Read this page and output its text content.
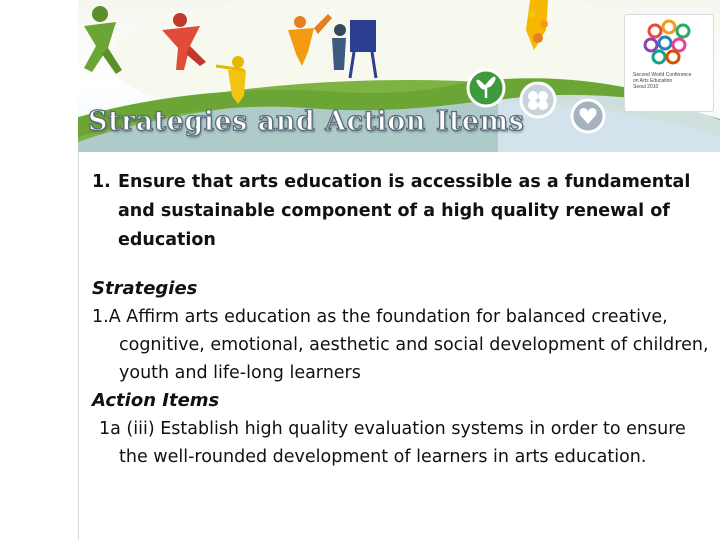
Strategies and Action Items
Second World Conference
on Arts Education
Seoul 2010
1. Ensure that arts education is accessible as a fundamental and sustainable component of a high quality renewal of education
Strategies
1.A Affirm arts education as the foundation for balanced creative, cognitive, emotional, aesthetic and social development of children, youth and life-long learners
Action Items
1a (iii) Establish high quality evaluation systems in order to ensure the well-rounded development of learners in arts education.
